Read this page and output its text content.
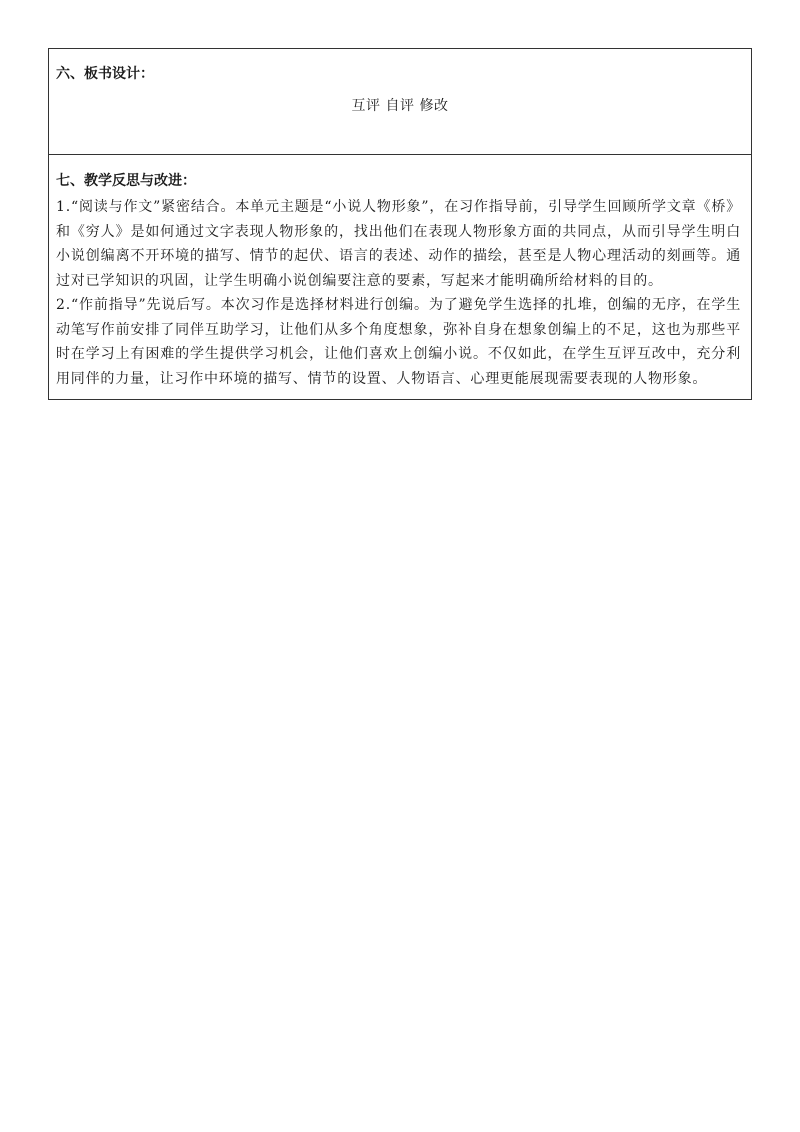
六、板书设计：
互评 自评 修改
七、教学反思与改进：

1.“阅读与作文”紧密结合。本单元主题是“小说人物形象”，在习作指导前，引导学生回顾所学文章《桥》和《穷人》是如何通过文字表现人物形象的，找出他们在表现人物形象方面的共同点，从而引导学生明白小说创编离不开环境的描写、情节的起伏、语言的表述、动作的描绘，甚至是人物心理活动的刻画等。通过对已学知识的巩固，让学生明确小说创编要注意的要素，写起来才能明确所给材料的目的。

2.“作前指导”先说后写。本次习作是选择材料进行创编。为了避免学生选择的扎堆，创编的无序，在学生动笔写作前安排了同伴互助学习，让他们从多个角度想象，弥补自身在想象创编上的不足，这也为那些平时在学习上有困难的学生提供学习机会，让他们喜欢上创编小说。不仅如此，在学生互评互改中，充分利用同伴的力量，让习作中环境的描写、情节的设置、人物语言、心理更能展现需要表现的人物形象。
